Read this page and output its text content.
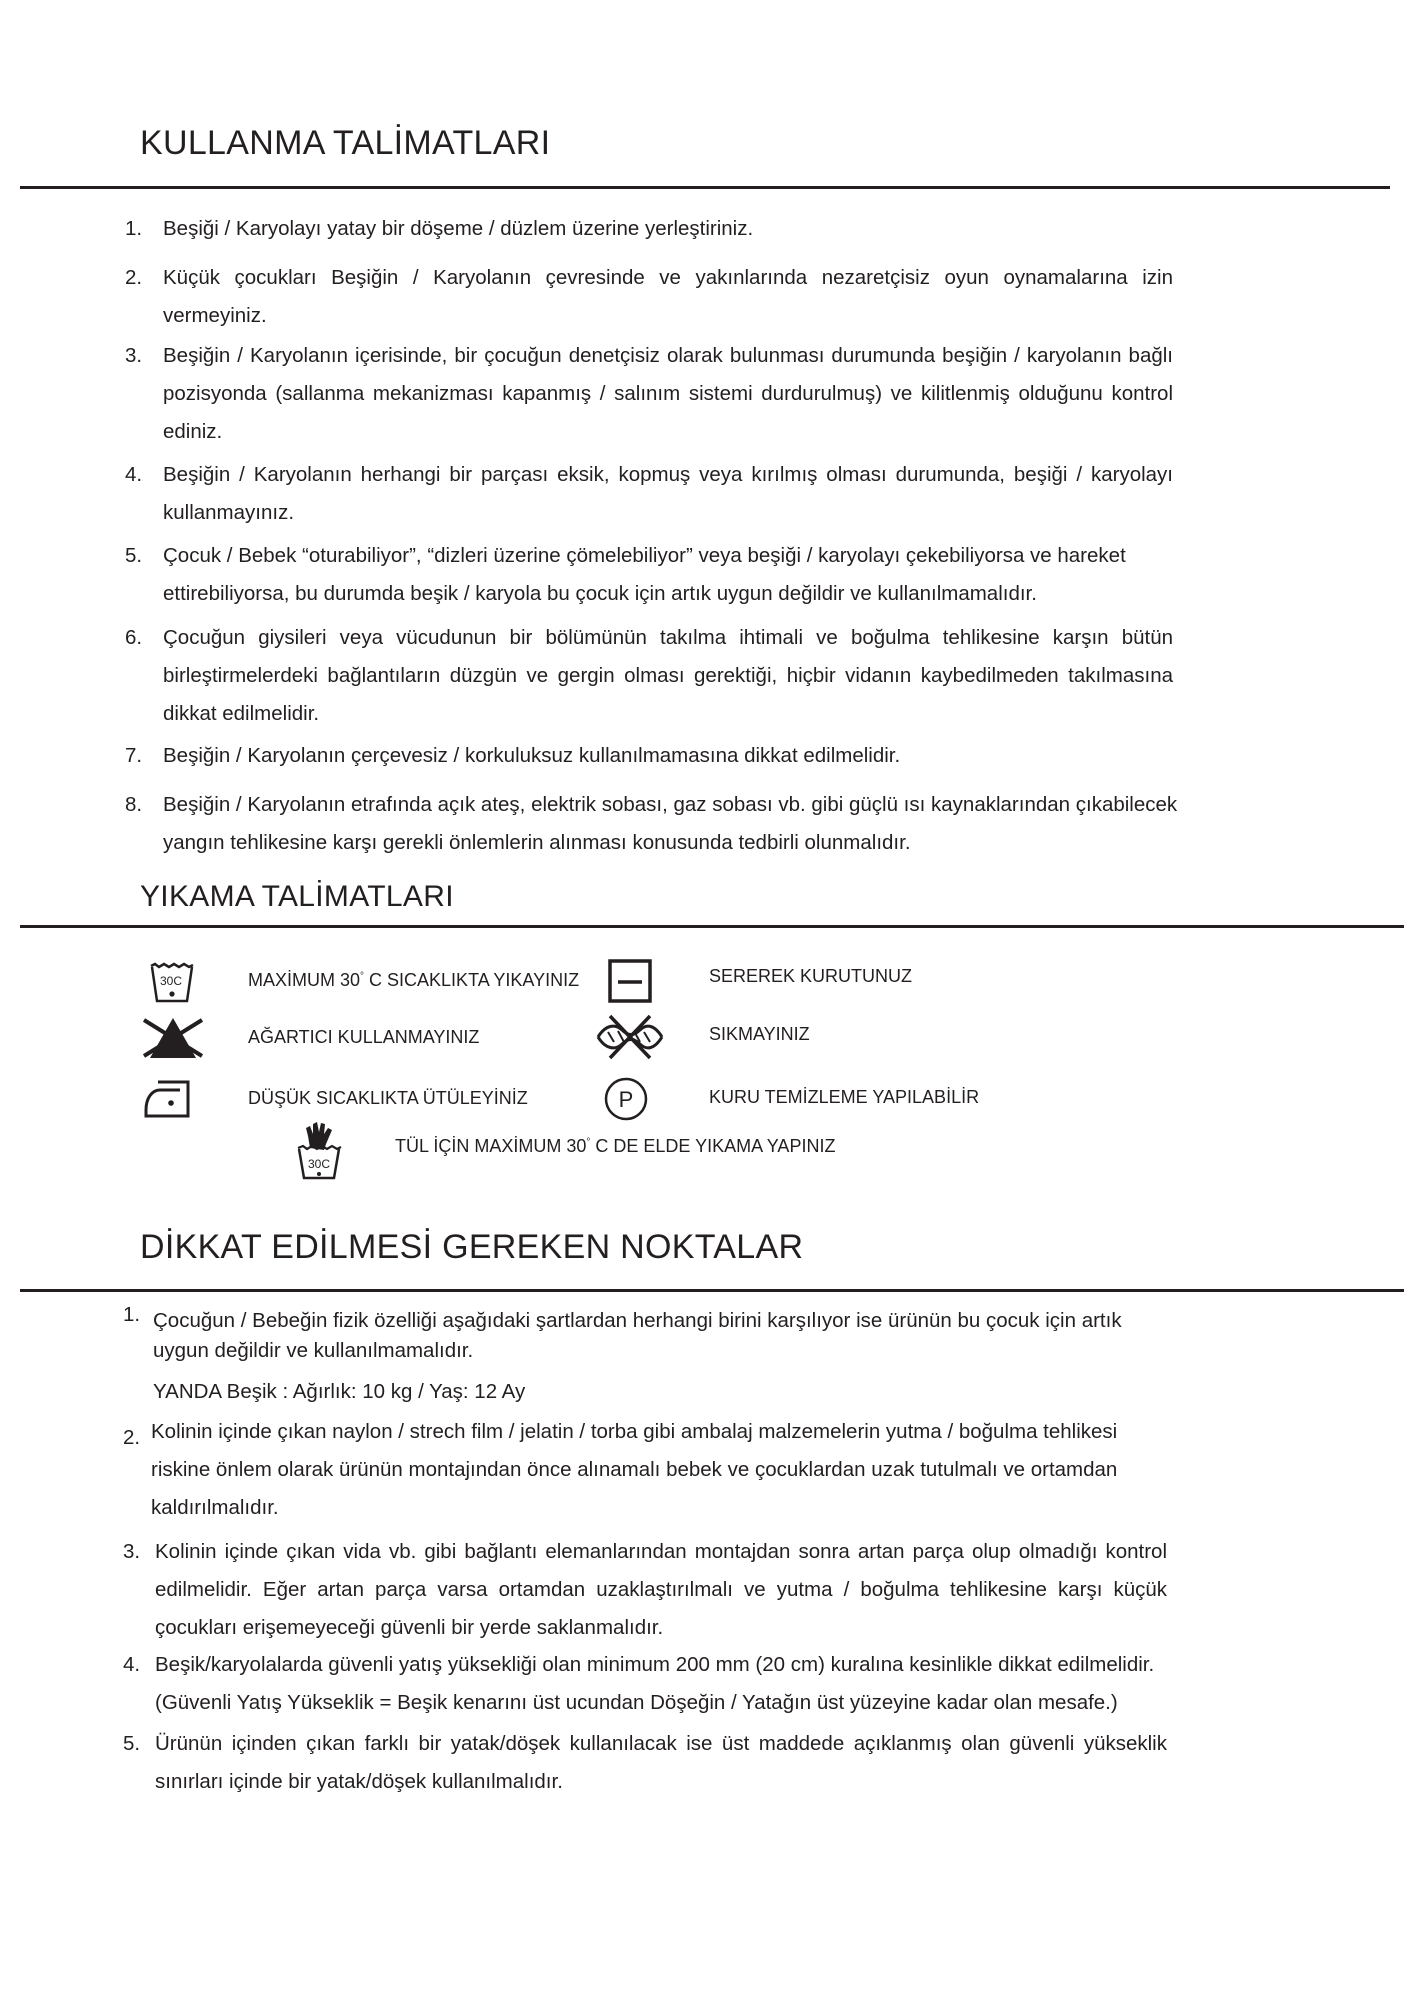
KULLANMA TALİMATLARI
1. Beşiği / Karyolayı yatay bir döşeme / düzlem üzerine yerleştiriniz.
2. Küçük çocukları Beşiğin / Karyolanın çevresinde ve yakınlarında nezaretçisiz oyun oynamalarına izin vermeyiniz.
3. Beşiğin / Karyolanın içerisinde, bir çocuğun denetçisiz olarak bulunması durumunda beşiğin / karyolanın bağlı pozisyonda (sallanma mekanizması kapanmış / salınım sistemi durdurulmuş) ve kilitlenmiş olduğunu kontrol ediniz.
4. Beşiğin / Karyolanın herhangi bir parçası eksik, kopmuş veya kırılmış olması durumunda, beşiği / karyolayı kullanmayınız.
5. Çocuk / Bebek “oturabiliyor”, “dizleri üzerine çömelebiliyor” veya beşiği / karyolayı çekebiliyorsa ve hareket ettirebiliyorsa, bu durumda beşik / karyola bu çocuk için artık uygun değildir ve kullanılmamalıdır.
6. Çocuğun giysileri veya vücudunun bir bölümünün takılma ihtimali ve boğulma tehlikesine karşın bütün birleştirmelerdeki bağlantıların düzgün ve gergin olması gerektiği, hiçbir vidanın kaybedilmeden takılmasına dikkat edilmelidir.
7. Beşiğin / Karyolanın çerçevesiz / korkuluksuz kullanılmamasına dikkat edilmelidir.
8. Beşiğin / Karyolanın etrafında açık ateş, elektrik sobası, gaz sobası vb. gibi güçlü ısı kaynaklarından çıkabilecek yangın tehlikesine karşı gerekli önlemlerin alınması konusunda tedbirli olunmalıdır.
YIKAMA TALİMATLARI
30C	MAXİMUM 30° C SICAKLIKTA YIKAYINIZ	SEREREK KURUTUNUZ
AĞARTICI KULLANMAYINIZ	SIKMAYINIZ
DÜŞÜK SICAKLIKTA ÜTÜLEYİNİZ	P	KURU TEMİZLEME YAPILABİLİR
30C
TÜL İÇİN MAXİMUM 30° C DE ELDE YIKAMA YAPINIZ
DİKKAT EDİLMESİ GEREKEN NOKTALAR
1. Çocuğun / Bebeğin fizik özelliği aşağıdaki şartlardan herhangi birini karşılıyor ise ürünün bu çocuk için artık uygun değildir ve kullanılmamalıdır.
YANDA Beşik : Ağırlık: 10 kg / Yaş: 12 Ay
2. Kolinin içinde çıkan naylon / strech film / jelatin / torba gibi ambalaj malzemelerin yutma / boğulma tehlikesi riskine önlem olarak ürünün montajından önce alınamalı bebek ve çocuklardan uzak tutulmalı ve ortamdan kaldırılmalıdır.
3. Kolinin içinde çıkan vida vb. gibi bağlantı elemanlarından montajdan sonra artan parça olup olmadığı kontrol edilmelidir. Eğer artan parça varsa ortamdan uzaklaştırılmalı ve yutma / boğulma tehlikesine karşı küçük çocukları erişemeyeceği güvenli bir yerde saklanmalıdır.
4. Beşik/karyolalarda güvenli yatış yüksekliği olan minimum 200 mm (20 cm) kuralına kesinlikle dikkat edilmelidir. (Güvenli Yatış Yükseklik = Beşik kenarını üst ucundan Döşeğin / Yatağın üst yüzeyine kadar olan mesafe.)
5. Ürünün içinden çıkan farklı bir yatak/döşek kullanılacak ise üst maddede açıklanmış olan güvenli yükseklik sınırları içinde bir yatak/döşek kullanılmalıdır.
